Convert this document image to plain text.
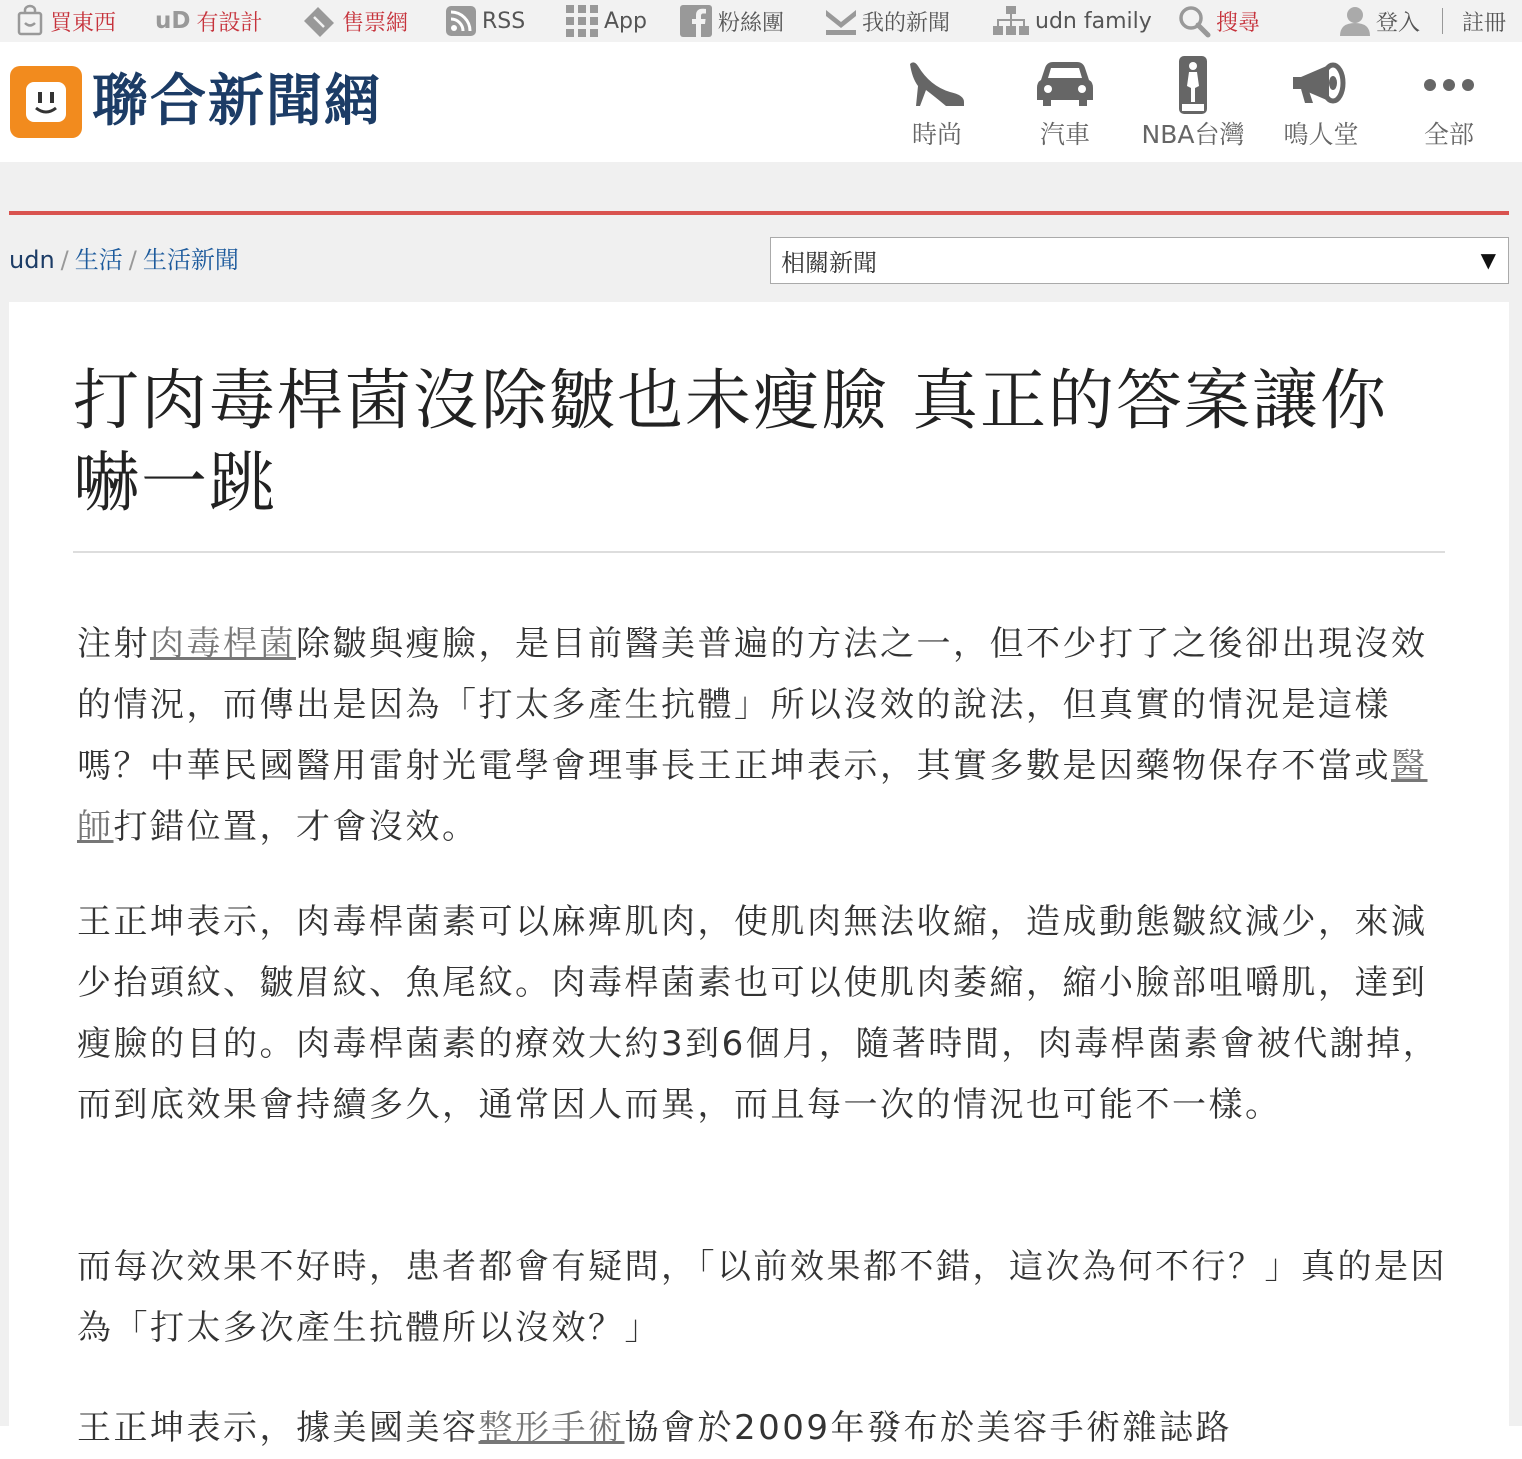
買東西 uD 有設計	售票網	RSS	App	粉絲團	我的新聞	udn family	搜尋	登入 註冊
聯合新聞網
時尚	汽車	NBA台灣	鳴人堂	全部
udn / 生活 / 生活新聞	相關新聞	▼
打肉毒桿菌沒除皺也未瘦臉 真正的答案讓你嚇一跳

注射肉毒桿菌除皺與瘦臉，是目前醫美普遍的方法之一，但不少打了之後卻出現沒效的情況，而傳出是因為「打太多產生抗體」所以沒效的說法，但真實的情況是這樣嗎？中華民國醫用雷射光電學會理事長王正坤表示，其實多數是因藥物保存不當或醫師打錯位置，才會沒效。

王正坤表示，肉毒桿菌素可以麻痺肌肉，使肌肉無法收縮，造成動態皺紋減少，來減少抬頭紋、皺眉紋、魚尾紋。肉毒桿菌素也可以使肌肉萎縮，縮小臉部咀嚼肌，達到瘦臉的目的。肉毒桿菌素的療效大約3到6個月，隨著時間，肉毒桿菌素會被代謝掉，而到底效果會持續多久，通常因人而異，而且每一次的情況也可能不一樣。

而每次效果不好時，患者都會有疑問，「以前效果都不錯，這次為何不行？」真的是因為「打太多次產生抗體所以沒效？」

王正坤表示，據美國美容整形手術協會於2009年發布於美容手術雜誌路
